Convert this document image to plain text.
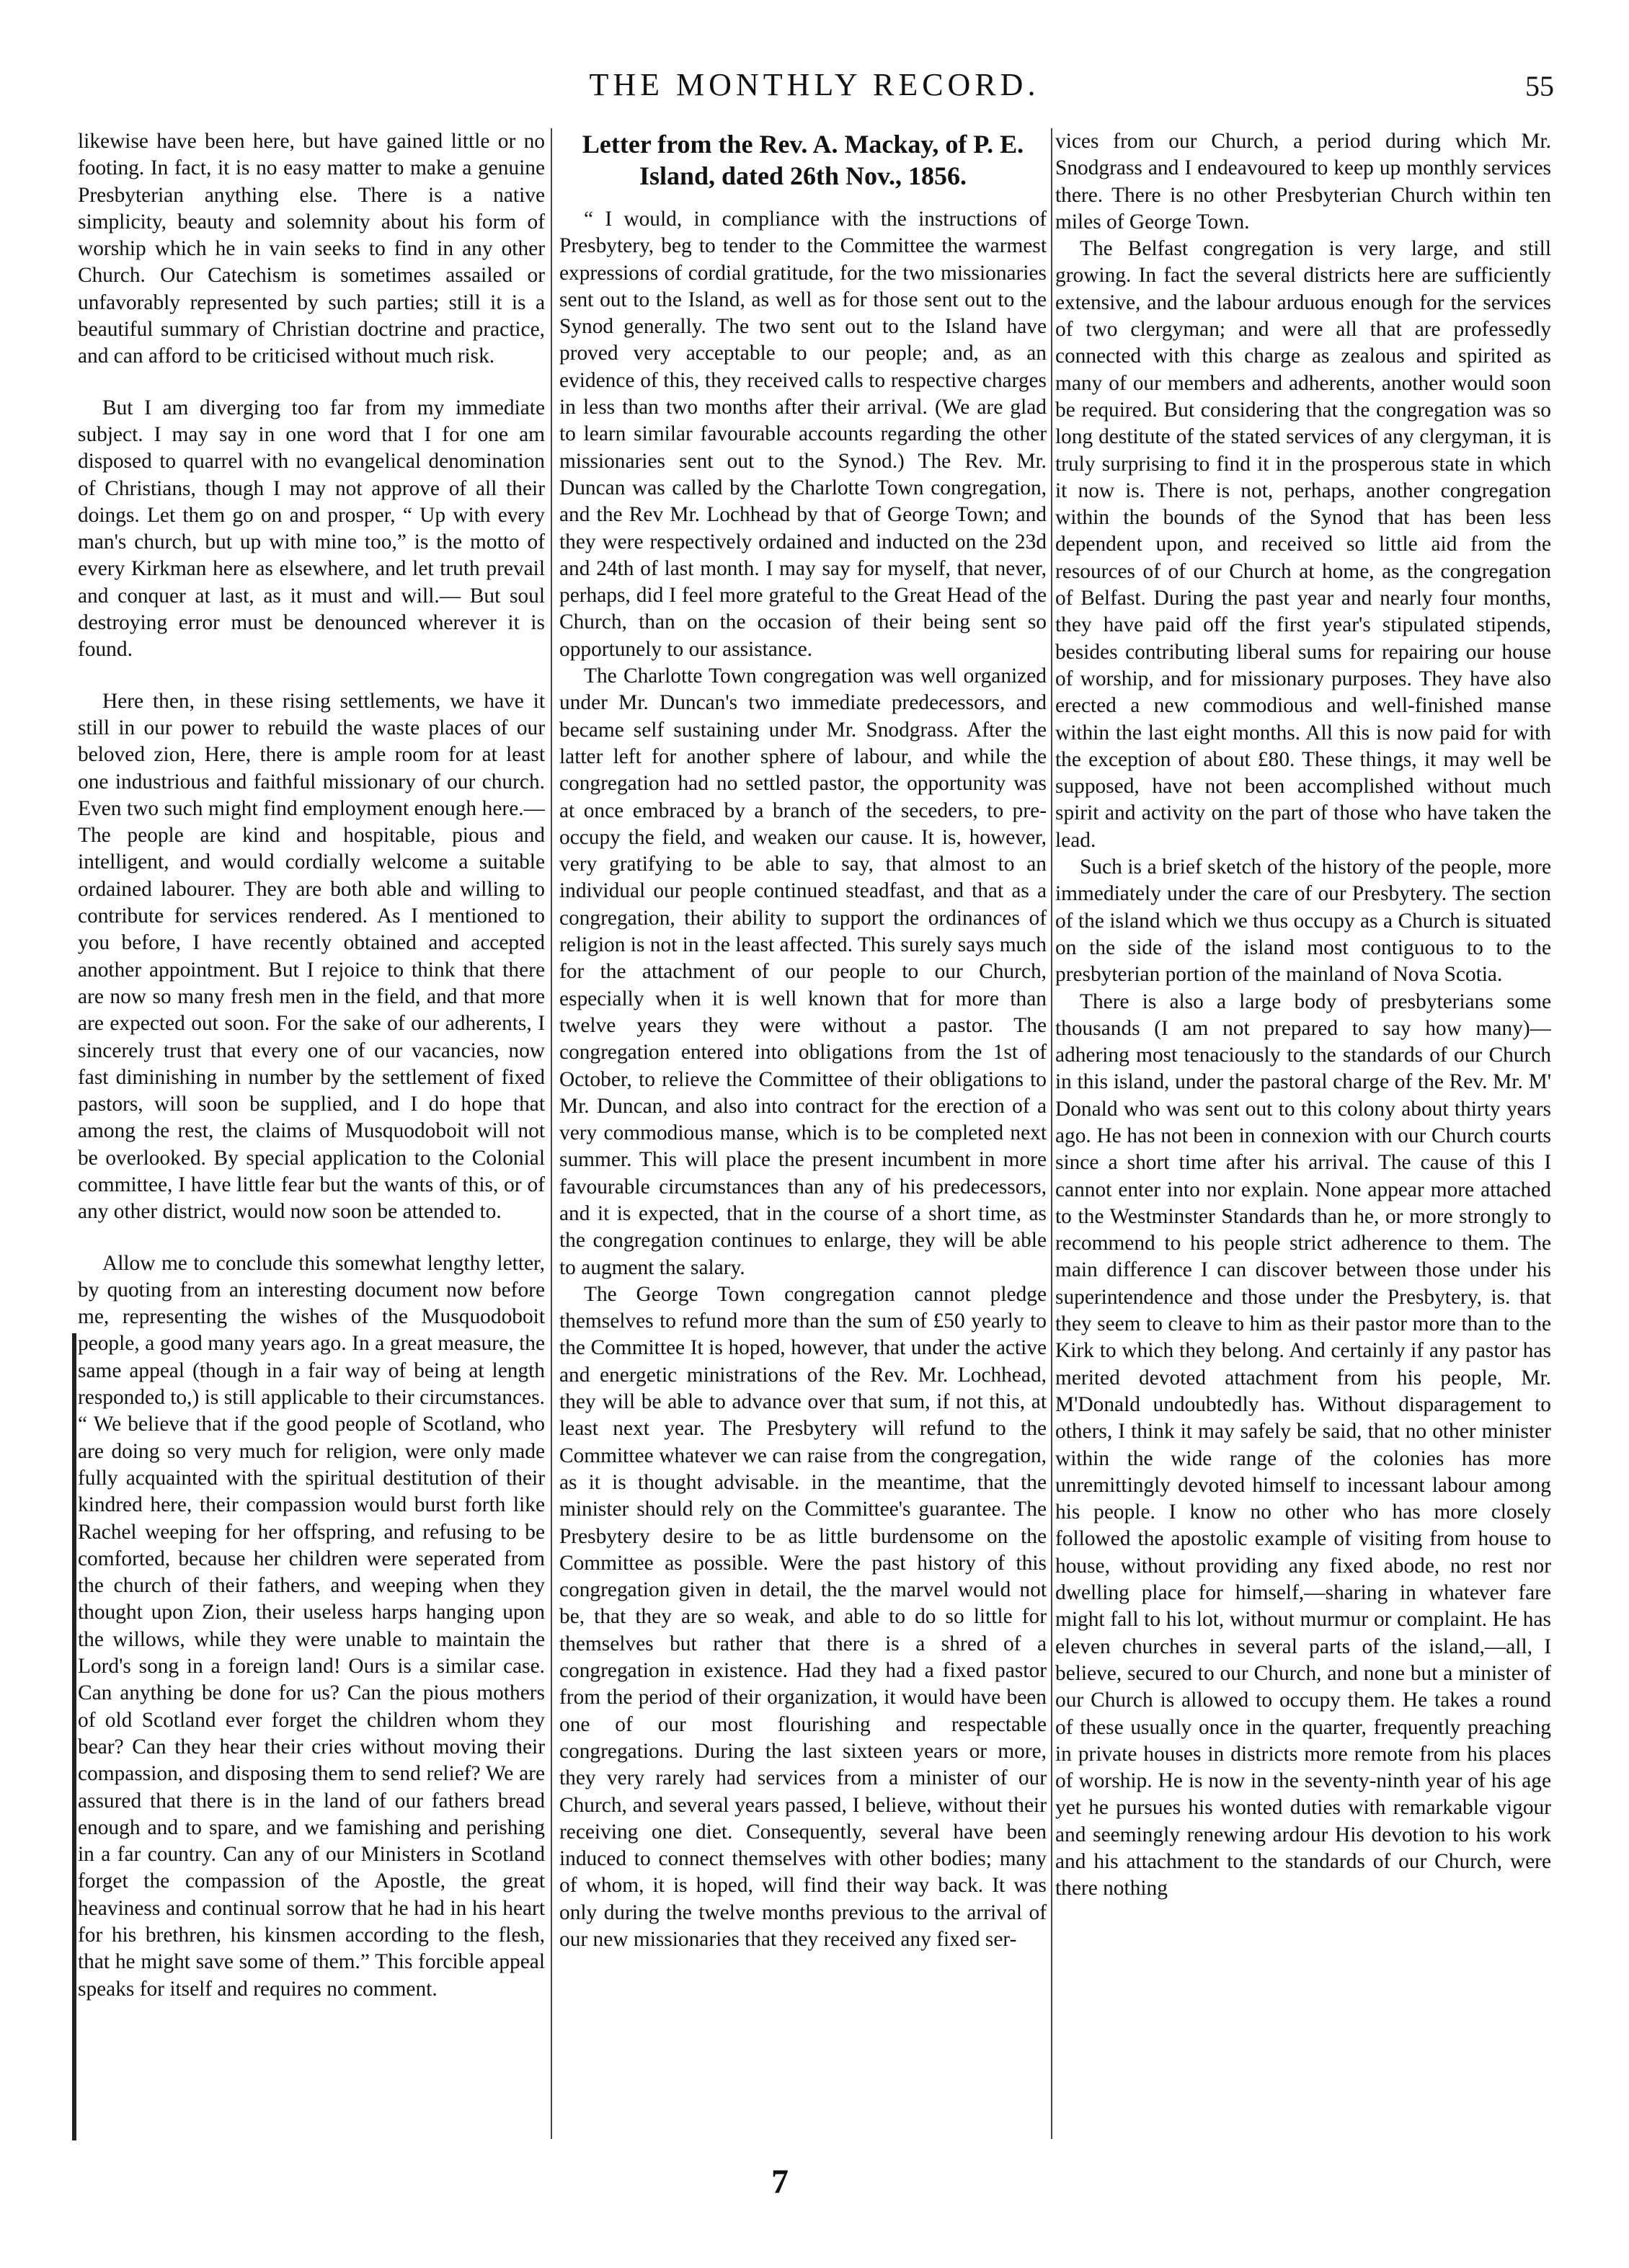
THE MONTHLY RECORD.	55

likewise have been here, but have gained little or no footing. In fact, it is no easy matter to make a genuine Presbyterian anything else. There is a native simplicity, beauty and solemnity about his form of worship which he in vain seeks to find in any other Church. Our Catechism is sometimes assailed or unfavorably represented by such parties; still it is a beautiful summary of Christian doctrine and practice, and can afford to be criticised without much risk.

But I am diverging too far from my immediate subject. I may say in one word that I for one am disposed to quarrel with no evangelical denomination of Christians, though I may not approve of all their doings. Let them go on and prosper, “ Up with every man's church, but up with mine too,” is the motto of every Kirkman here as elsewhere, and let truth prevail and conquer at last, as it must and will.— But soul destroying error must be denounced wherever it is found.

Here then, in these rising settlements, we have it still in our power to rebuild the waste places of our beloved zion, Here, there is ample room for at least one industrious and faithful missionary of our church. Even two such might find employment enough here.— The people are kind and hospitable, pious and intelligent, and would cordially welcome a suitable ordained labourer. They are both able and willing to contribute for services rendered. As I mentioned to you before, I have recently obtained and accepted another appointment. But I rejoice to think that there are now so many fresh men in the field, and that more are expected out soon. For the sake of our adherents, I sincerely trust that every one of our vacancies, now fast diminishing in number by the settlement of fixed pastors, will soon be supplied, and I do hope that among the rest, the claims of Musquodoboit will not be overlooked. By special application to the Colonial committee, I have little fear but the wants of this, or of any other district, would now soon be attended to.

Allow me to conclude this somewhat lengthy letter, by quoting from an interesting document now before me, representing the wishes of the Musquodoboit people, a good many years ago. In a great measure, the same appeal (though in a fair way of being at length responded to,) is still applicable to their circumstances. “ We believe that if the good people of Scotland, who are doing so very much for religion, were only made fully acquainted with the spiritual destitution of their kindred here, their compassion would burst forth like Rachel weeping for her offspring, and refusing to be comforted, because her children were seperated from the church of their fathers, and weeping when they thought upon Zion, their useless harps hanging upon the willows, while they were unable to maintain the Lord's song in a foreign land! Ours is a similar case. Can anything be done for us? Can the pious mothers of old Scotland ever forget the children whom they bear? Can they hear their cries without moving their compassion, and disposing them to send relief? We are assured that there is in the land of our fathers bread enough and to spare, and we famishing and perishing in a far country. Can any of our Ministers in Scotland forget the compassion of the Apostle, the great heaviness and continual sorrow that he had in his heart for his brethren, his kinsmen according to the flesh, that he might save some of them.” This forcible appeal speaks for itself and requires no comment.

Letter from the Rev. A. Mackay, of P. E. Island, dated 26th Nov., 1856.

“ I would, in compliance with the instructions of Presbytery, beg to tender to the Committee the warmest expressions of cordial gratitude, for the two missionaries sent out to the Island, as well as for those sent out to the Synod generally. The two sent out to the Island have proved very acceptable to our people; and, as an evidence of this, they received calls to respective charges in less than two months after their arrival. (We are glad to learn similar favourable accounts regarding the other missionaries sent out to the Synod.) The Rev. Mr. Duncan was called by the Charlotte Town congregation, and the Rev Mr. Lochhead by that of George Town; and they were respectively ordained and inducted on the 23d and 24th of last month. I may say for myself, that never, perhaps, did I feel more grateful to the Great Head of the Church, than on the occasion of their being sent so opportunely to our assistance.

The Charlotte Town congregation was well organized under Mr. Duncan's two immediate predecessors, and became self sustaining under Mr. Snodgrass. After the latter left for another sphere of labour, and while the congregation had no settled pastor, the opportunity was at once embraced by a branch of the seceders, to pre-occupy the field, and weaken our cause. It is, however, very gratifying to be able to say, that almost to an individual our people continued steadfast, and that as a congregation, their ability to support the ordinances of religion is not in the least affected. This surely says much for the attachment of our people to our Church, especially when it is well known that for more than twelve years they were without a pastor. The congregation entered into obligations from the 1st of October, to relieve the Committee of their obligations to Mr. Duncan, and also into contract for the erection of a very commodious manse, which is to be completed next summer. This will place the present incumbent in more favourable circumstances than any of his predecessors, and it is expected, that in the course of a short time, as the congregation continues to enlarge, they will be able to augment the salary.

The George Town congregation cannot pledge themselves to refund more than the sum of £50 yearly to the Committee It is hoped, however, that under the active and energetic ministrations of the Rev. Mr. Lochhead, they will be able to advance over that sum, if not this, at least next year. The Presbytery will refund to the Committee whatever we can raise from the congregation, as it is thought advisable. in the meantime, that the minister should rely on the Committee's guarantee. The Presbytery desire to be as little burdensome on the Committee as possible. Were the past history of this congregation given in detail, the the marvel would not be, that they are so weak, and able to do so little for themselves but rather that there is a shred of a congregation in existence. Had they had a fixed pastor from the period of their organization, it would have been one of our most flourishing and respectable congregations. During the last sixteen years or more, they very rarely had services from a minister of our Church, and several years passed, I believe, without their receiving one diet. Consequently, several have been induced to connect themselves with other bodies; many of whom, it is hoped, will find their way back. It was only during the twelve months previous to the arrival of our new missionaries that they received any fixed ser-

vices from our Church, a period during which Mr. Snodgrass and I endeavoured to keep up monthly services there. There is no other Presbyterian Church within ten miles of George Town.

The Belfast congregation is very large, and still growing. In fact the several districts here are sufficiently extensive, and the labour arduous enough for the services of two clergyman; and were all that are professedly connected with this charge as zealous and spirited as many of our members and adherents, another would soon be required. But considering that the congregation was so long destitute of the stated services of any clergyman, it is truly surprising to find it in the prosperous state in which it now is. There is not, perhaps, another congregation within the bounds of the Synod that has been less dependent upon, and received so little aid from the resources of of our Church at home, as the congregation of Belfast. During the past year and nearly four months, they have paid off the first year's stipulated stipends, besides contributing liberal sums for repairing our house of worship, and for missionary purposes. They have also erected a new commodious and well-finished manse within the last eight months. All this is now paid for with the exception of about £80. These things, it may well be supposed, have not been accomplished without much spirit and activity on the part of those who have taken the lead.

Such is a brief sketch of the history of the people, more immediately under the care of our Presbytery. The section of the island which we thus occupy as a Church is situated on the side of the island most contiguous to to the presbyterian portion of the mainland of Nova Scotia.

There is also a large body of presbyterians some thousands (I am not prepared to say how many)—adhering most tenaciously to the standards of our Church in this island, under the pastoral charge of the Rev. Mr. M' Donald who was sent out to this colony about thirty years ago. He has not been in connexion with our Church courts since a short time after his arrival. The cause of this I cannot enter into nor explain. None appear more attached to the Westminster Standards than he, or more strongly to recommend to his people strict adherence to them. The main difference I can discover between those under his superintendence and those under the Presbytery, is. that they seem to cleave to him as their pastor more than to the Kirk to which they belong. And certainly if any pastor has merited devoted attachment from his people, Mr. M'Donald undoubtedly has. Without disparagement to others, I think it may safely be said, that no other minister within the wide range of the colonies has more unremittingly devoted himself to incessant labour among his people. I know no other who has more closely followed the apostolic example of visiting from house to house, without providing any fixed abode, no rest nor dwelling place for himself,—sharing in whatever fare might fall to his lot, without murmur or complaint. He has eleven churches in several parts of the island,—all, I believe, secured to our Church, and none but a minister of our Church is allowed to occupy them. He takes a round of these usually once in the quarter, frequently preaching in private houses in districts more remote from his places of worship. He is now in the seventy-ninth year of his age yet he pursues his wonted duties with remarkable vigour and seemingly renewing ardour His devotion to his work and his attachment to the standards of our Church, were there nothing

7
